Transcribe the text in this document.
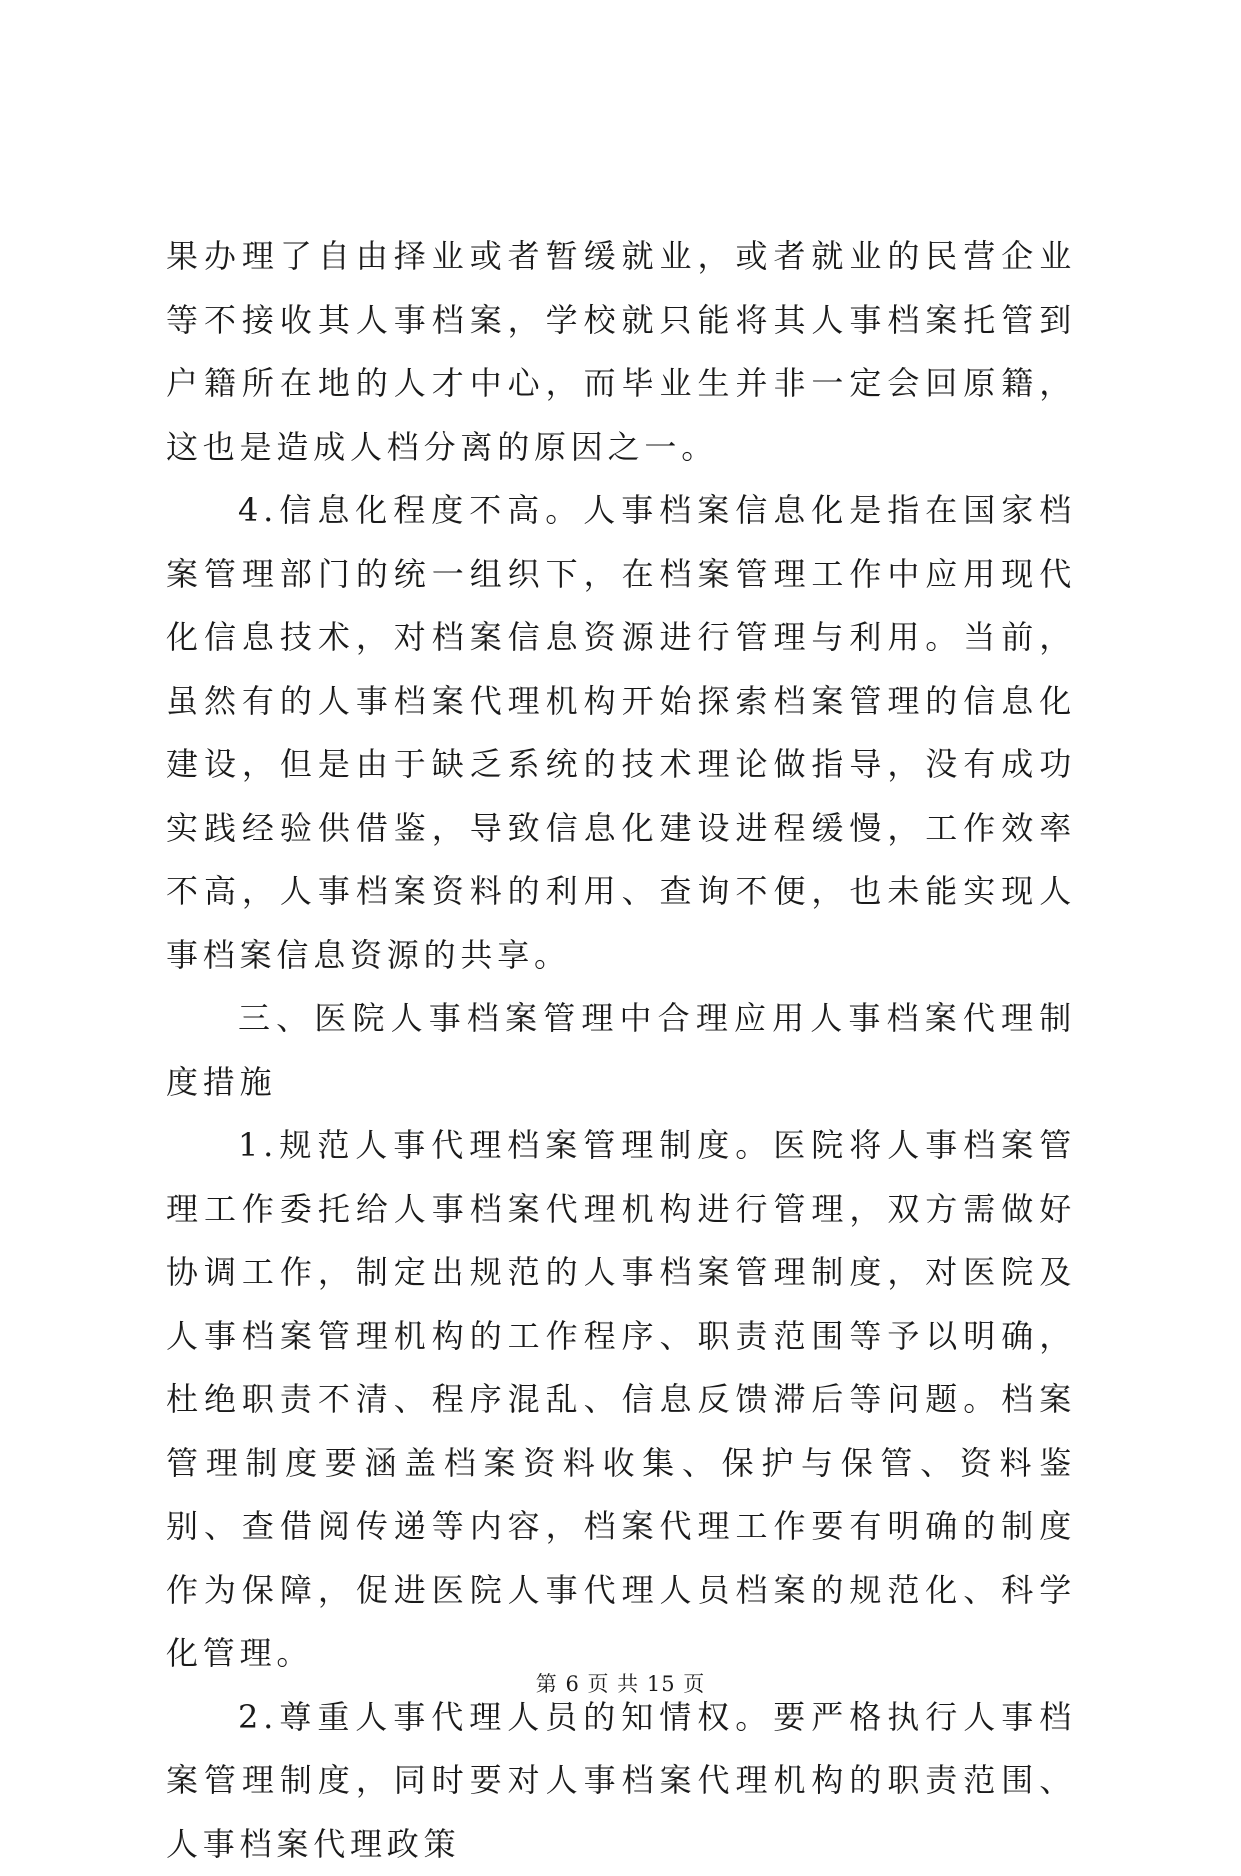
果办理了自由择业或者暂缓就业，或者就业的民营企业等不接收其人事档案，学校就只能将其人事档案托管到户籍所在地的人才中心，而毕业生并非一定会回原籍，这也是造成人档分离的原因之一。

4.信息化程度不高。人事档案信息化是指在国家档案管理部门的统一组织下，在档案管理工作中应用现代化信息技术，对档案信息资源进行管理与利用。当前，虽然有的人事档案代理机构开始探索档案管理的信息化建设，但是由于缺乏系统的技术理论做指导，没有成功实践经验供借鉴，导致信息化建设进程缓慢，工作效率不高，人事档案资料的利用、查询不便，也未能实现人事档案信息资源的共享。

三、医院人事档案管理中合理应用人事档案代理制度措施

1.规范人事代理档案管理制度。医院将人事档案管理工作委托给人事档案代理机构进行管理，双方需做好协调工作，制定出规范的人事档案管理制度，对医院及人事档案管理机构的工作程序、职责范围等予以明确，杜绝职责不清、程序混乱、信息反馈滞后等问题。档案管理制度要涵盖档案资料收集、保护与保管、资料鉴别、查借阅传递等内容，档案代理工作要有明确的制度作为保障，促进医院人事代理人员档案的规范化、科学化管理。

2.尊重人事代理人员的知情权。要严格执行人事档案管理制度，同时要对人事档案代理机构的职责范围、人事档案代理政策

第 6 页 共 15 页
